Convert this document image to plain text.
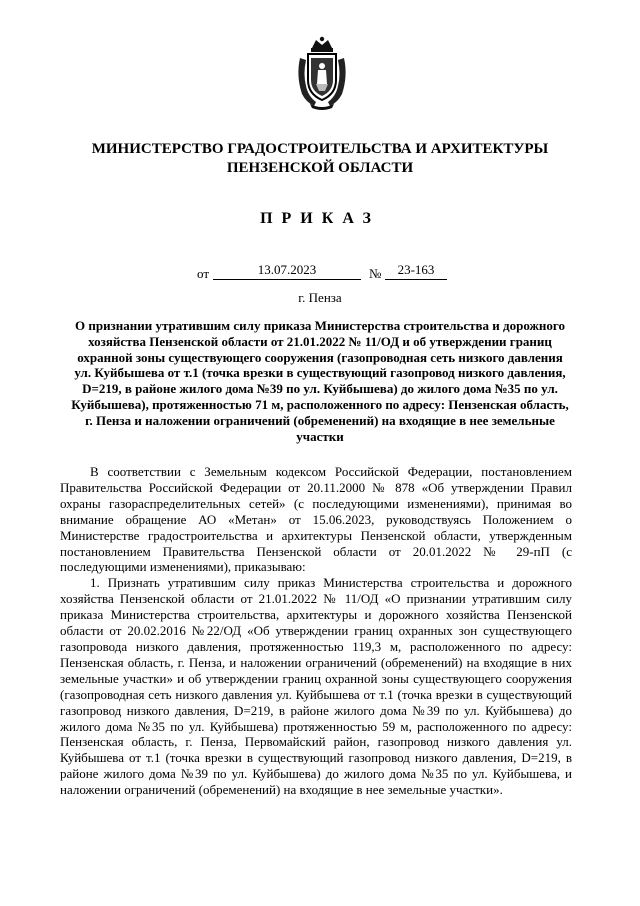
МИНИСТЕРСТВО ГРАДОСТРОИТЕЛЬСТВА И АРХИТЕКТУРЫ
ПЕНЗЕНСКОЙ ОБЛАСТИ
ПРИКАЗ
от	13.07.2023	№	23-163
г. Пенза
О признании утратившим силу приказа Министерства строительства и дорожного хозяйства Пензенской области от 21.01.2022 № 11/ОД и об утверждении границ охранной зоны существующего сооружения (газопроводная сеть низкого давления ул. Куйбышева от т.1 (точка врезки в существующий газопровод низкого давления, D=219, в районе жилого дома №39 по ул. Куйбышева) до жилого дома №35 по ул. Куйбышева), протяженностью 71 м, расположенного по адресу: Пензенская область, г. Пенза и наложении ограничений (обременений) на входящие в нее земельные участки

В соответствии с Земельным кодексом Российской Федерации, постановлением Правительства Российской Федерации от 20.11.2000 № 878 «Об утверждении Правил охраны газораспределительных сетей» (с последующими изменениями), принимая во внимание обращение АО «Метан» от 15.06.2023, руководствуясь Положением о Министерстве градостроительства и архитектуры Пензенской области, утвержденным постановлением Правительства Пензенской области от 20.01.2022 № 29-пП (с последующими изменениями), приказываю:

1. Признать утратившим силу приказ Министерства строительства и дорожного хозяйства Пензенской области от 21.01.2022 № 11/ОД «О признании утратившим силу приказа Министерства строительства, архитектуры и дорожного хозяйства Пензенской области от 20.02.2016 №22/ОД «Об утверждении границ охранных зон существующего газопровода низкого давления, протяженностью 119,3 м, расположенного по адресу: Пензенская область, г. Пенза, и наложении ограничений (обременений) на входящие в них земельные участки» и об утверждении границ охранной зоны существующего сооружения (газопроводная сеть низкого давления ул. Куйбышева от т.1 (точка врезки в существующий газопровод низкого давления, D=219, в районе жилого дома №39 по ул. Куйбышева) до жилого дома №35 по ул. Куйбышева) протяженностью 59 м, расположенного по адресу: Пензенская область, г. Пенза, Первомайский район, газопровод низкого давления ул. Куйбышева от т.1 (точка врезки в существующий газопровод низкого давления, D=219, в районе жилого дома №39 по ул. Куйбышева) до жилого дома №35 по ул. Куйбышева, и наложении ограничений (обременений) на входящие в нее земельные участки».
